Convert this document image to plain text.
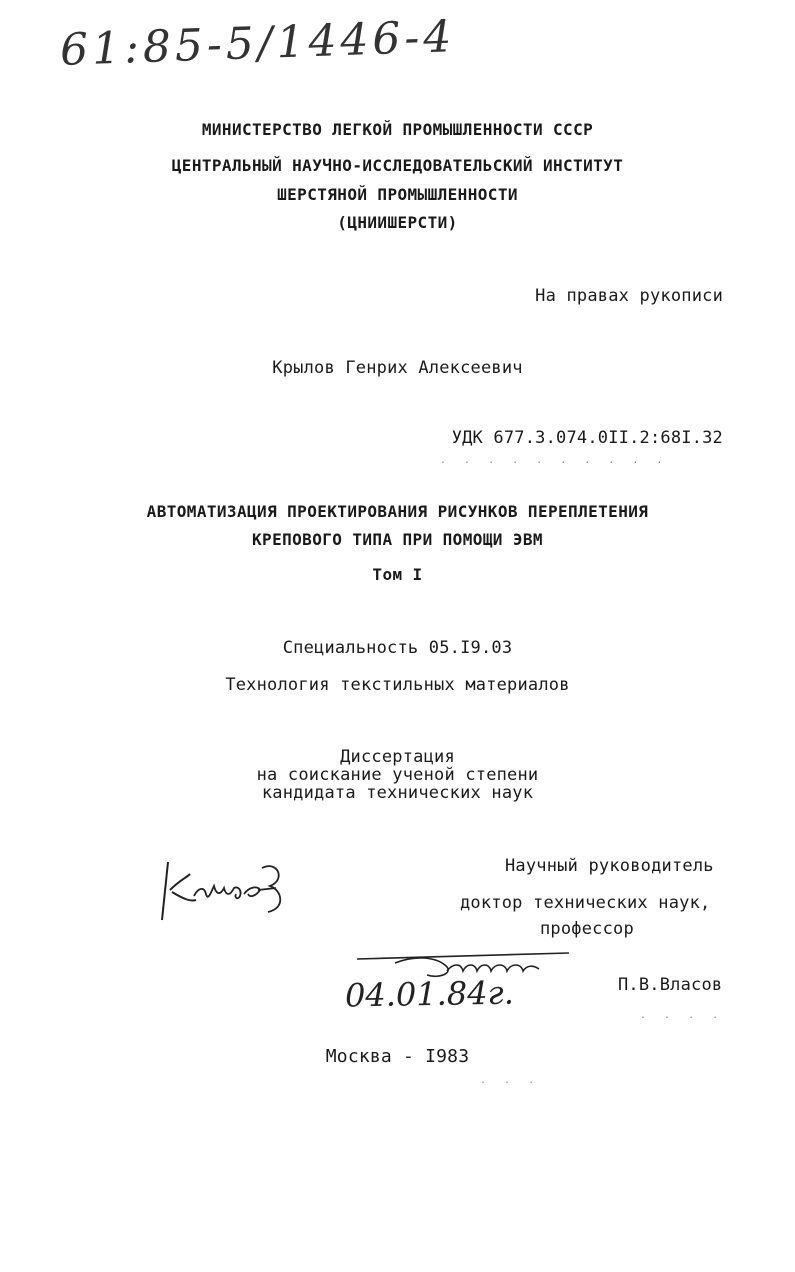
61:85-5/1446-4
МИНИСТЕРСТВО ЛЕГКОЙ ПРОМЫШЛЕННОСТИ СССР
ЦЕНТРАЛЬНЫЙ НАУЧНО-ИССЛЕДОВАТЕЛЬСКИЙ ИНСТИТУТ
ШЕРСТЯНОЙ ПРОМЫШЛЕННОСТИ
(ЦНИИШЕРСТИ)
На правах рукописи
Крылов Генрих Алексеевич
УДК 677.3.074.0II.2:68I.32
. . . . . . . . . .
АВТОМАТИЗАЦИЯ ПРОЕКТИРОВАНИЯ РИСУНКОВ ПЕРЕПЛЕТЕНИЯ
КРЕПОВОГО ТИПА ПРИ ПОМОЩИ ЭВМ
Том I
Специальность 05.I9.03
Технология текстильных материалов
Диссертация
на соискание ученой степени
кандидата технических наук
Научный руководитель
доктор технических наук,
профессор
П.В.Власов
04.01.84г.
. . . .
Москва - I983
. . .
